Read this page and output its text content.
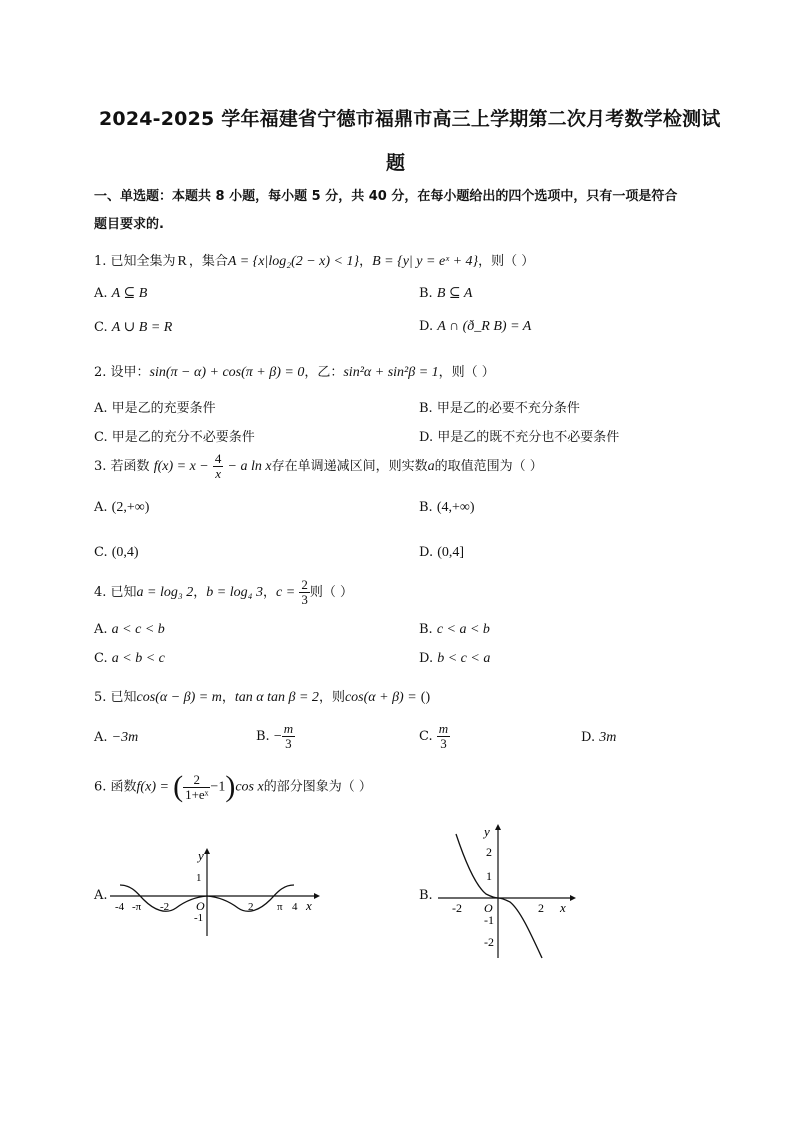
2024-2025 学年福建省宁德市福鼎市高三上学期第二次月考数学检测试
题
一、单选题：本题共 8 小题，每小题 5 分，共 40 分，在每小题给出的四个选项中，只有一项是符合
题目要求的.
1. 已知全集为 R ，集合A = {x|log₂(2 − x) < 1}，B = {y| y = eˣ + 4}，则（ ）
A. A ⊆ B	B. B ⊆ A
C. A ∪ B = R	D. A ∩ (ð_R B) = A
2. 设甲：sin(π − α) + cos(π + β) = 0，乙：sin²α + sin²β = 1，则（ ）
A. 甲是乙的充要条件	B. 甲是乙的必要不充分条件
C. 甲是乙的充分不必要条件	D. 甲是乙的既不充分也不必要条件
3. 若函数 $f(x) = x - \frac{4}{x} - a$ ln x存在单调递减区间，则实数a的取值范围为（ ）
A. (2,+∞)	B. (4,+∞)
C. (0,4)	D. (0,4]
4. 已知a = log₃ 2，b = log₄ 3，$c = \frac{2}{3}$ 则（ ）
A. a < c < b	B. c < a < b
C. a < b < c	D. b < c < a
5. 已知cos(α − β) = m，tan α tan β = 2，则cos(α + β) = ()
A. −3m	B. − $\frac{m}{3}$	C. $\frac{m}{3}$	D. 3m
6. 函数f(x) = ( $\frac{2}{\text{1+eˣ}} -1)\cos$ x的部分图象为（ ）
A.
y
x
O
1
-1
-4 -π -2	2 π 4
B.
y
x
O
2
1
-1
-2
-2	2
